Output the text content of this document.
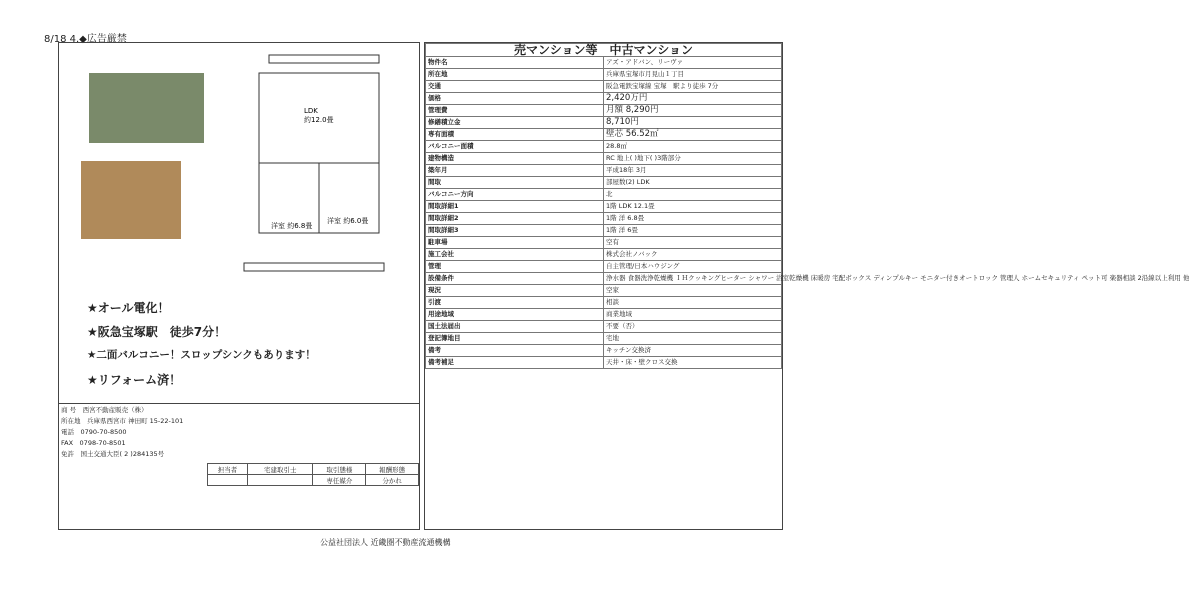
8/18 4.◆広告厳禁
LDK
約12.0畳
洋室 約6.8畳
洋室 約6.0畳
★オール電化！
★阪急宝塚駅　徒歩7分！
★二面バルコニー！スロップシンクもあります！
★リフォーム済！
商 号　 西宮不動産販売（株）
所在地　 兵庫県西宮市 神田町 15-22-101
電話　 0790-70-8500
FAX　 0798-70-8501
免許　 国土交通大臣( 2 )284135号
担当者	宅建取引士	取引態様	報酬形態
		専任媒介	分かれ
売マンション等　中古マンション	
物件名	アズ・アドバン、リーヴァ
所在地	兵庫県宝塚市月見山１丁目
交通	阪急電鉄宝塚線 宝塚　駅より徒歩 7分
価格	2,420万円
管理費	月額 8,290円
修繕積立金	8,710円
専有面積	壁芯 56.52㎡
バルコニー面積	28.8㎡
建物構造	RC 地上( )地下( )3階部分
築年月	平成18年 3月
間取	部屋数(2) LDK
バルコニー方向	北
間取詳細1	1階 LDK 12.1畳
間取詳細2	1階 洋 6.8畳
間取詳細3	1階 洋 6畳
駐車場	空有
施工会社	株式会社ノバック
管理	自主管理/日本ハウジング
設備条件	浄水器 食器洗浄乾燥機 ＩＨクッキングヒーター シャワー 浴室乾燥機 床暖房 宅配ボックス ディンプルキー モニター付きオートロック 管理人 ホームセキュリティ ペット可 楽器相談 2沿線以上利用 他
現況	空家
引渡	相談
用途地域	商業地域
国土法届出	不要（否）
登記簿地目	宅地
備考	キッチン交換済
備考補足	天井・床・壁クロス交換
公益社団法人 近畿圏不動産流通機構
